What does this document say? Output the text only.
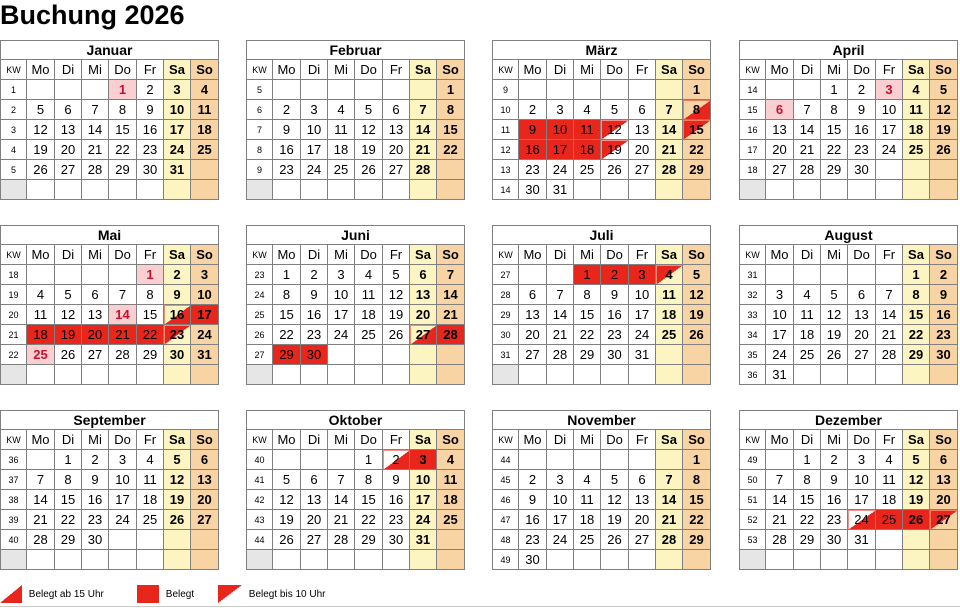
Buchung 2026
Januar							
KW	Mo	Di	Mi	Do	Fr	Sa	So
1				1	2	3	4
2	5	6	7	8	9	10	11
3	12	13	14	15	16	17	18
4	19	20	21	22	23	24	25
5	26	27	28	29	30	31	

Februar							
KW	Mo	Di	Mi	Do	Fr	Sa	So
5							1
6	2	3	4	5	6	7	8
7	9	10	11	12	13	14	15
8	16	17	18	19	20	21	22
9	23	24	25	26	27	28	

März							
KW	Mo	Di	Mi	Do	Fr	Sa	So
9							1
10	2	3	4	5	6	7	8
11	9	10	11	12	13	14	15
12	16	17	18	19	20	21	22
13	23	24	25	26	27	28	29
14	30	31					
April							
KW	Mo	Di	Mi	Do	Fr	Sa	So
14			1	2	3	4	5
15	6	7	8	9	10	11	12
16	13	14	15	16	17	18	19
17	20	21	22	23	24	25	26
18	27	28	29	30			

Mai							
KW	Mo	Di	Mi	Do	Fr	Sa	So
18					1	2	3
19	4	5	6	7	8	9	10
20	11	12	13	14	15	16	17
21	18	19	20	21	22	23	24
22	25	26	27	28	29	30	31

Juni							
KW	Mo	Di	Mi	Do	Fr	Sa	So
23	1	2	3	4	5	6	7
24	8	9	10	11	12	13	14
25	15	16	17	18	19	20	21
26	22	23	24	25	26	27	28
27	29	30					

Juli							
KW	Mo	Di	Mi	Do	Fr	Sa	So
27			1	2	3	4	5
28	6	7	8	9	10	11	12
29	13	14	15	16	17	18	19
30	20	21	22	23	24	25	26
31	27	28	29	30	31		

August							
KW	Mo	Di	Mi	Do	Fr	Sa	So
31						1	2
32	3	4	5	6	7	8	9
33	10	11	12	13	14	15	16
34	17	18	19	20	21	22	23
35	24	25	26	27	28	29	30
36	31						
September							
KW	Mo	Di	Mi	Do	Fr	Sa	So
36		1	2	3	4	5	6
37	7	8	9	10	11	12	13
38	14	15	16	17	18	19	20
39	21	22	23	24	25	26	27
40	28	29	30				

Oktober							
KW	Mo	Di	Mi	Do	Fr	Sa	So
40				1	2	3	4
41	5	6	7	8	9	10	11
42	12	13	14	15	16	17	18
43	19	20	21	22	23	24	25
44	26	27	28	29	30	31	

November							
KW	Mo	Di	Mi	Do	Fr	Sa	So
44							1
45	2	3	4	5	6	7	8
46	9	10	11	12	13	14	15
47	16	17	18	19	20	21	22
48	23	24	25	26	27	28	29
49	30						
Dezember							
KW	Mo	Di	Mi	Do	Fr	Sa	So
49		1	2	3	4	5	6
50	7	8	9	10	11	12	13
51	14	15	16	17	18	19	20
52	21	22	23	24	25	26	27
53	28	29	30	31			

Belegt ab 15 Uhr	Belegt	Belegt bis 10 Uhr
